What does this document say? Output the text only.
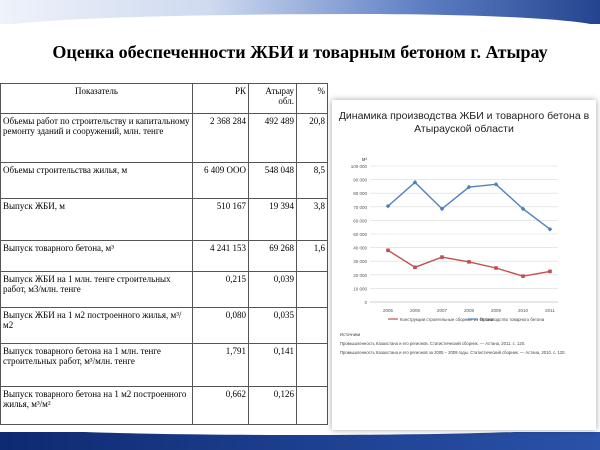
Оценка обеспеченности ЖБИ и товарным бетоном г. Атырау
Показатель	РК	Атырау обл.	%
Объемы работ по строительству и капитальному ремонту зданий и сооружений, млн. тенге	2 368 284	492 489	20,8
Объемы строительства жилья, м	6 409 ООО	548 048	8,5
Выпуск ЖБИ, м	510 167	19 394	3,8
Выпуск товарного бетона, м³	4 241 153	69 268	1,6
Выпуск ЖБИ на 1 млн. тенге строительных работ, м3/млн. тенге	0,215	0,039	
Выпуск ЖБИ на 1 м2 построенного жилья, м³/м2	0,080	0,035	
Выпуск товарного бетона на 1 млн. тенге строительных работ, м³/млн. тенге	1,791	0,141	
Выпуск товарного бетона на 1 м2 построенного жилья, м³/м²	0,662	0,126	
Динамика производства ЖБИ и товарного бетона в Атырауской области
0
10 000
20 000
30 000
40 000
50 000
60 000
70 000
80 000
90 000
100 000
м³
2005	2006	2007	2008	2009	2010	2011
Конструкции строительные сборные из бетона
Производство товарного бетона
Источники
Промышленность Казахстана и его регионов. Статистический сборник. — Астана, 2011. с. 120.
Промышленность Казахстана и его регионов за 2005 – 2009 годы. Статистический сборник. — Астана, 2010. с. 120.
